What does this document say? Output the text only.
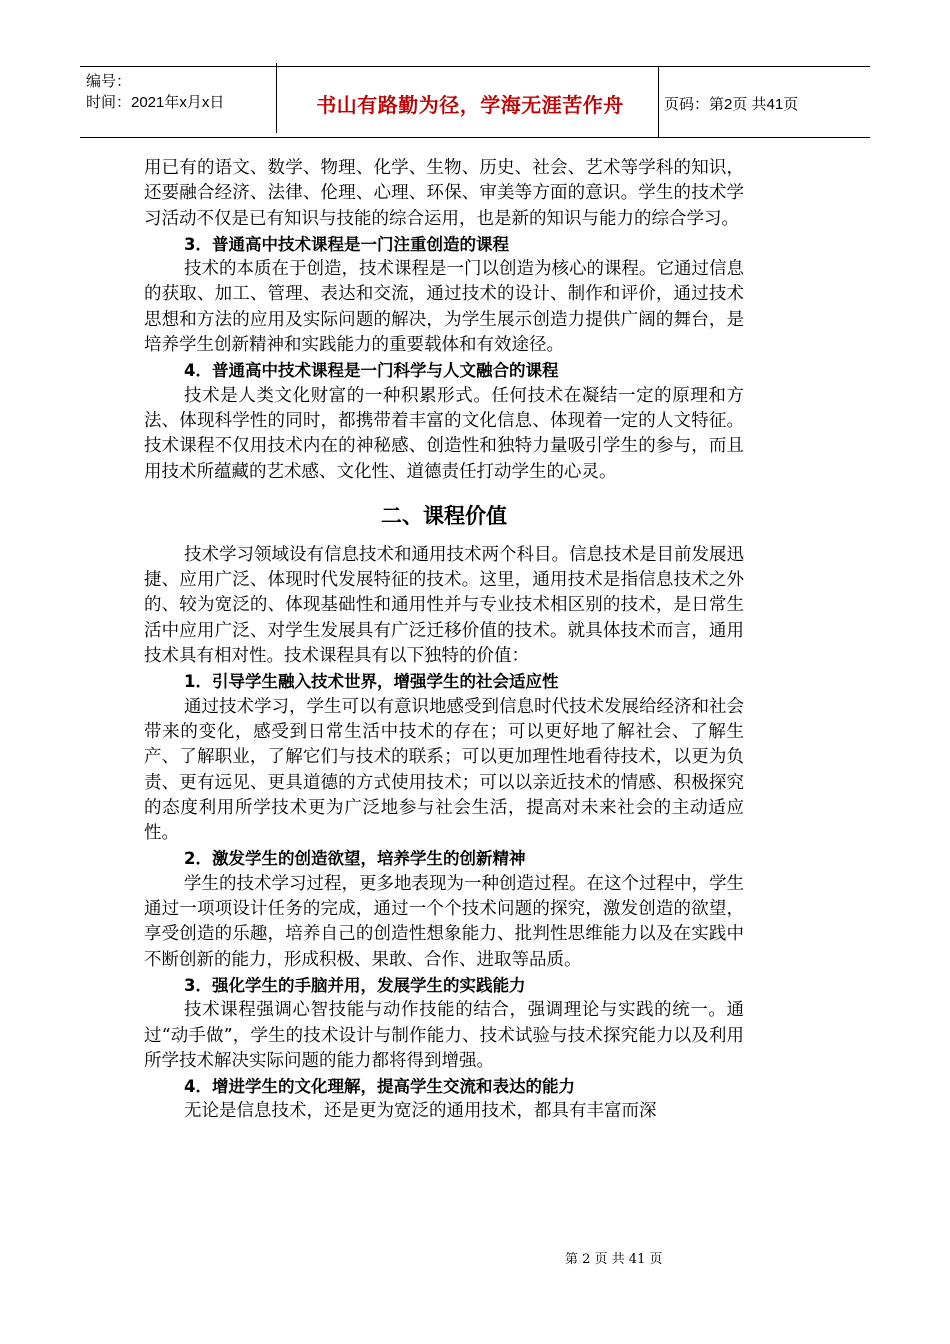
编号：
时间：2021年x月x日	书山有路勤为径，学海无涯苦作舟	页码：第2页 共41页

用已有的语文、数学、物理、化学、生物、历史、社会、艺术等学科的知识，还要融合经济、法律、伦理、心理、环保、审美等方面的意识。学生的技术学习活动不仅是已有知识与技能的综合运用，也是新的知识与能力的综合学习。

3．普通高中技术课程是一门注重创造的课程

技术的本质在于创造，技术课程是一门以创造为核心的课程。它通过信息的获取、加工、管理、表达和交流，通过技术的设计、制作和评价，通过技术思想和方法的应用及实际问题的解决，为学生展示创造力提供广阔的舞台，是培养学生创新精神和实践能力的重要载体和有效途径。

4．普通高中技术课程是一门科学与人文融合的课程

技术是人类文化财富的一种积累形式。任何技术在凝结一定的原理和方法、体现科学性的同时，都携带着丰富的文化信息、体现着一定的人文特征。技术课程不仅用技术内在的神秘感、创造性和独特力量吸引学生的参与，而且用技术所蕴藏的艺术感、文化性、道德责任打动学生的心灵。

二、课程价值

技术学习领域设有信息技术和通用技术两个科目。信息技术是目前发展迅捷、应用广泛、体现时代发展特征的技术。这里，通用技术是指信息技术之外的、较为宽泛的、体现基础性和通用性并与专业技术相区别的技术，是日常生活中应用广泛、对学生发展具有广泛迁移价值的技术。就具体技术而言，通用技术具有相对性。技术课程具有以下独特的价值：

1．引导学生融入技术世界，增强学生的社会适应性

通过技术学习，学生可以有意识地感受到信息时代技术发展给经济和社会带来的变化，感受到日常生活中技术的存在；可以更好地了解社会、了解生产、了解职业，了解它们与技术的联系；可以更加理性地看待技术，以更为负责、更有远见、更具道德的方式使用技术；可以以亲近技术的情感、积极探究的态度利用所学技术更为广泛地参与社会生活，提高对未来社会的主动适应性。

2．激发学生的创造欲望，培养学生的创新精神

学生的技术学习过程，更多地表现为一种创造过程。在这个过程中，学生通过一项项设计任务的完成，通过一个个技术问题的探究，激发创造的欲望，享受创造的乐趣，培养自己的创造性想象能力、批判性思维能力以及在实践中不断创新的能力，形成积极、果敢、合作、进取等品质。

3．强化学生的手脑并用，发展学生的实践能力

技术课程强调心智技能与动作技能的结合，强调理论与实践的统一。通过“动手做”，学生的技术设计与制作能力、技术试验与技术探究能力以及利用所学技术解决实际问题的能力都将得到增强。

4．增进学生的文化理解，提高学生交流和表达的能力

无论是信息技术，还是更为宽泛的通用技术，都具有丰富而深

第 2 页 共 41 页
